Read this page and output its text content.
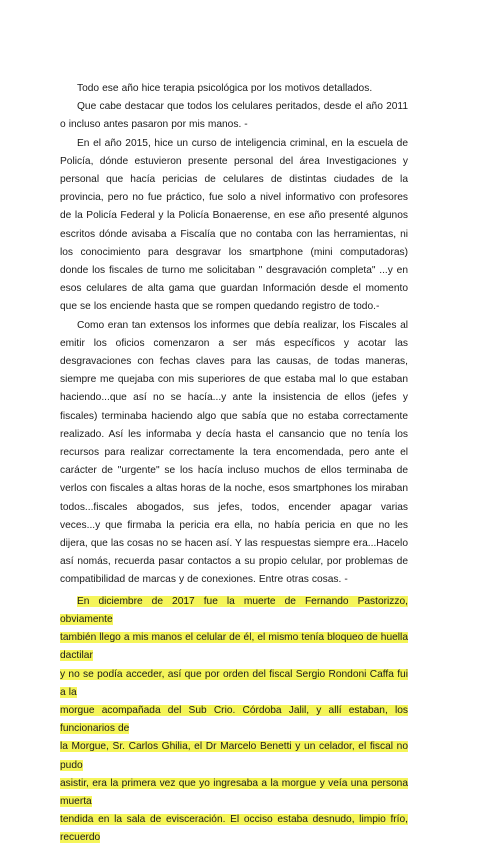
Todo ese año hice terapia psicológica por los motivos detallados.

Que cabe destacar que todos los celulares peritados, desde el año 2011 o incluso antes pasaron por mis manos. -

En el año 2015, hice un curso de inteligencia criminal, en la escuela de Policía, dónde estuvieron presente personal del área Investigaciones y personal que hacía pericias de celulares de distintas ciudades de la provincia, pero no fue práctico, fue solo a nivel informativo con profesores de la Policía Federal y la Policía Bonaerense, en ese año presenté algunos escritos dónde avisaba a Fiscalía que no contaba con las herramientas, ni los conocimiento para desgravar los smartphone (mini computadoras) donde los fiscales de turno me solicitaban " desgravación completa" ...y en esos celulares de alta gama que guardan Información desde el momento que se los enciende hasta que se rompen quedando registro de todo.-

Como eran tan extensos los informes que debía realizar, los Fiscales al emitir los oficios comenzaron a ser más específicos y acotar las desgravaciones con fechas claves para las causas, de todas maneras, siempre me quejaba con mis superiores de que estaba mal lo que estaban haciendo...que así no se hacía...y ante la insistencia de ellos (jefes y fiscales) terminaba haciendo algo que sabía que no estaba correctamente realizado. Así les informaba y decía hasta el cansancio que no tenía los recursos para realizar correctamente la tera encomendada, pero ante el carácter de "urgente" se los hacía incluso muchos de ellos terminaba de verlos con fiscales a altas horas de la noche, esos smartphones los miraban todos...fiscales abogados, sus jefes, todos, encender apagar varias veces...y que firmaba la pericia era ella, no había pericia en que no les dijera, que las cosas no se hacen así. Y las respuestas siempre era...Hacelo así nomás, recuerda pasar contactos a su propio celular, por problemas de compatibilidad de marcas y de conexiones. Entre otras cosas. -

En diciembre de 2017 fue la muerte de Fernando Pastorizzo, obviamente
también llego a mis manos el celular de él, el mismo tenía bloqueo de huella dactilar
y no se podía acceder, así que por orden del fiscal Sergio Rondoni Caffa fui a la
morgue acompañada del Sub Crio. Córdoba Jalil, y allí estaban, los funcionarios de
la Morgue, Sr. Carlos Ghilia, el Dr Marcelo Benetti y un celador, el fiscal no pudo
asistir, era la primera vez que yo ingresaba a la morgue y veía una persona muerta
tendida en la sala de evisceración. El occiso estaba desnudo, limpio frío, recuerdo
